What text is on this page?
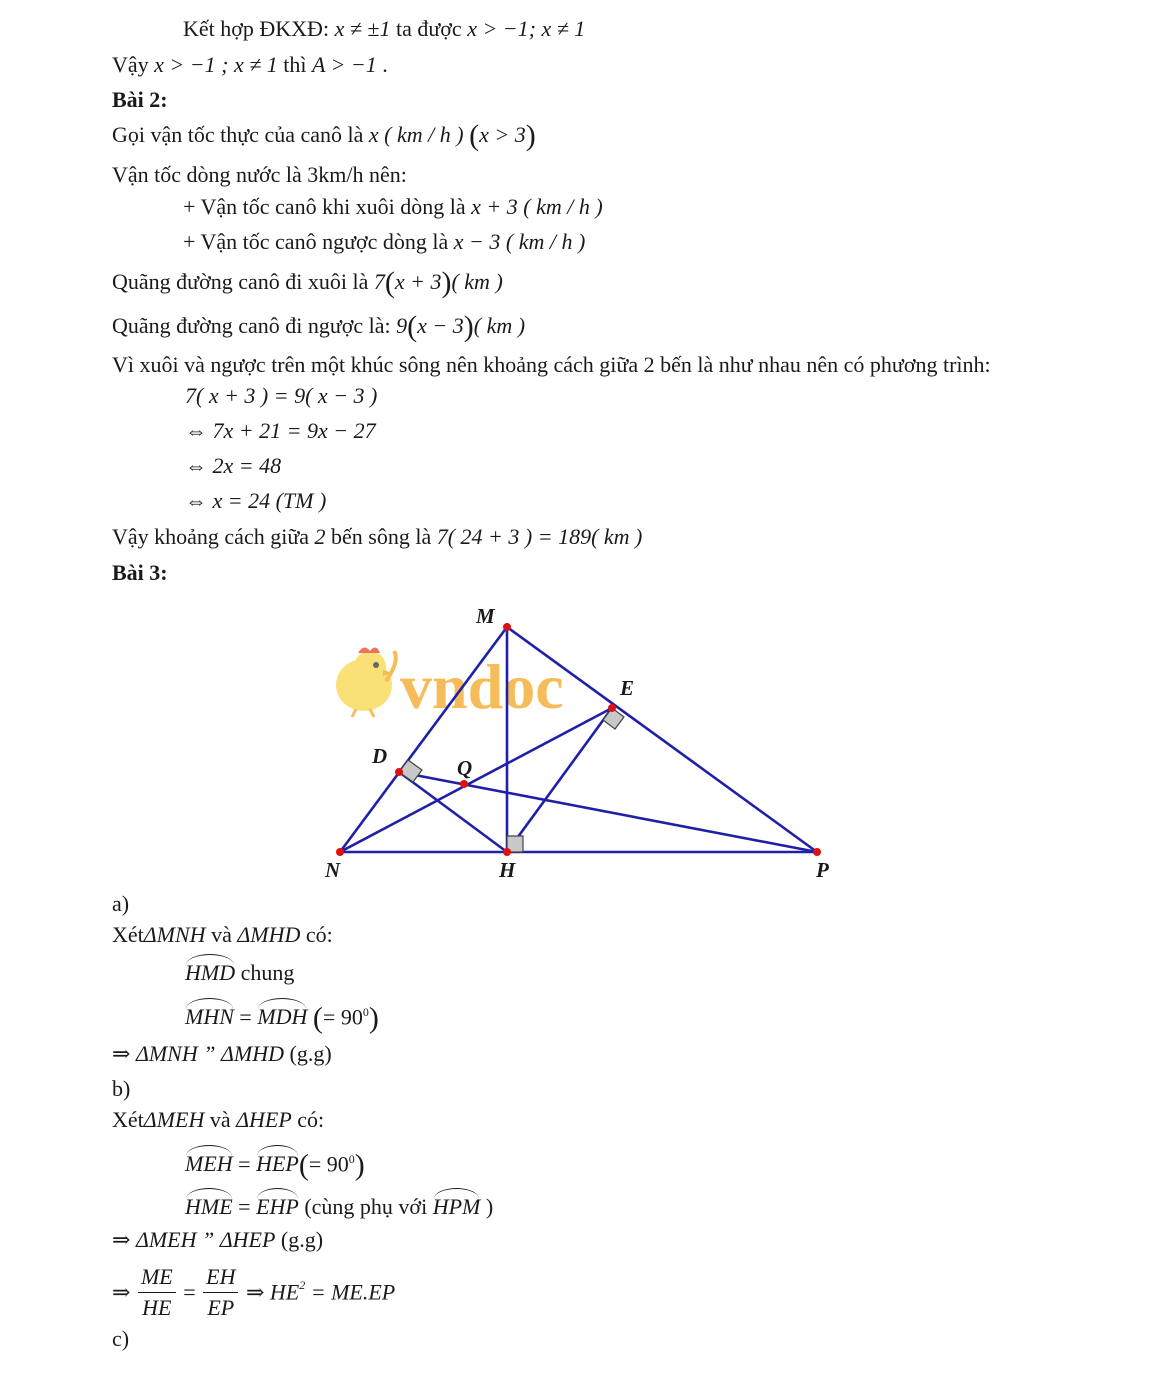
Kết hợp ĐKXĐ: x ≠ ±1 ta được x > −1; x ≠ 1
Vậy x > −1 ; x ≠ 1 thì A > −1 .
Bài 2:
Gọi vận tốc thực của canô là x ( km / h ) (x > 3)
Vận tốc dòng nước là 3km/h nên:
+ Vận tốc canô khi xuôi dòng là x + 3 ( km / h )
+ Vận tốc canô ngược dòng là x − 3 ( km / h )
Quãng đường canô đi xuôi là 7(x + 3)( km )
Quãng đường canô đi ngược là: 9(x − 3)( km )
Vì xuôi và ngược trên một khúc sông nên khoảng cách giữa 2 bến là như nhau nên có phương trình:
7( x + 3 ) = 9( x − 3 )
⇔ 7x + 21 = 9x − 27
⇔ 2x = 48
⇔ x = 24 (TM )
Vậy khoảng cách giữa 2 bến sông là 7( 24 + 3 ) = 189( km )
Bài 3:
vndoc
M
E
D	Q
N	H	P
a)
XétΔMNH và ΔMHD có:
HMD chung
MHN = MDH (= $90^0$)
⇒ ΔMNH ” ΔMHD (g.g)
b)
XétΔMEH và ΔHEP có:
MEH = $HEP(= 90^0)$
HME = EHP (cùng phụ với HPM )
⇒ ΔMEH ” ΔHEP (g.g)
⇒ $\frac{ME}{HE} = \frac{EH}{EP}$ ⇒ $HE^2 = ME.EP$
c)
